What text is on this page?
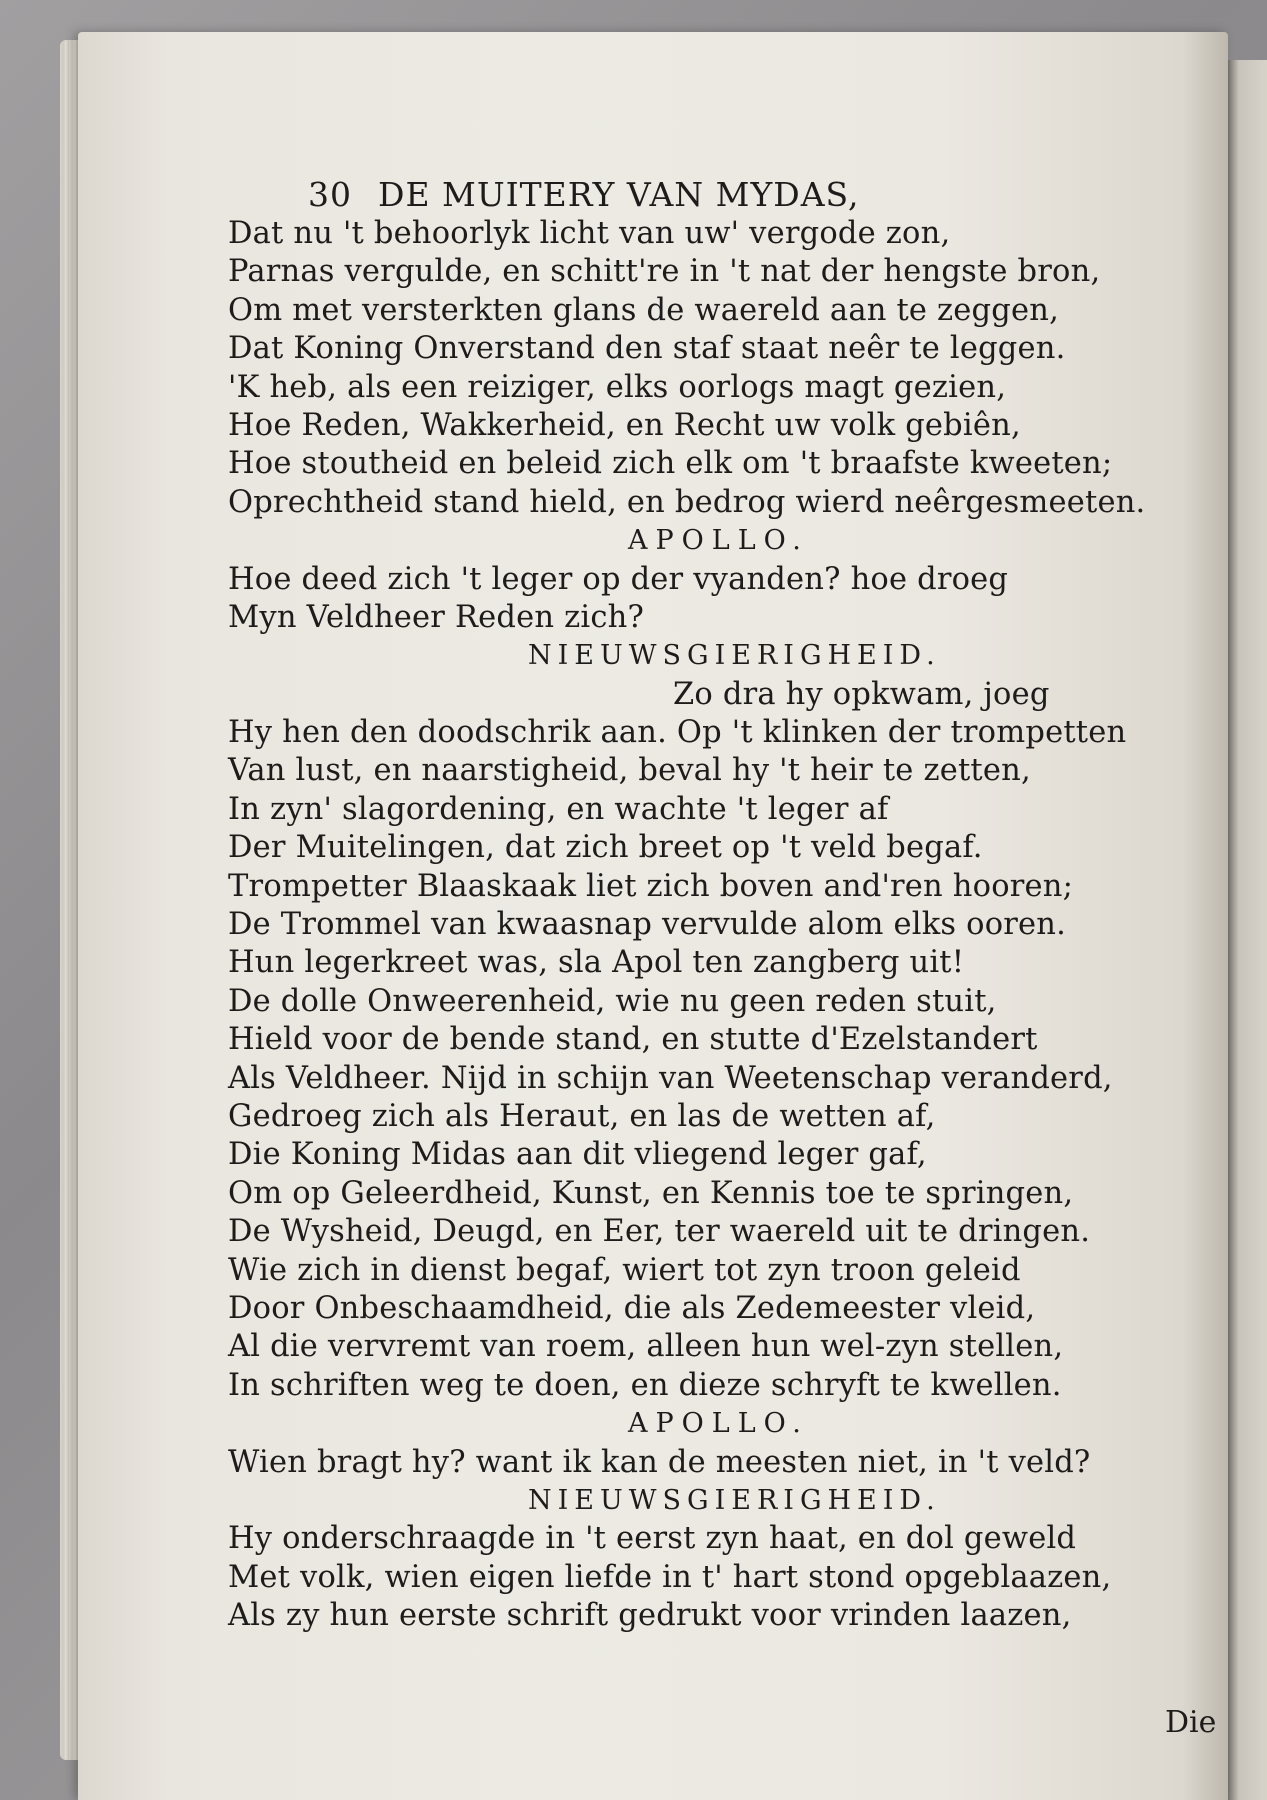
30 DE MUITERY VAN MYDAS,
Dat nu 't behoorlyk licht van uw' vergode zon,
Parnas vergulde, en schitt're in 't nat der hengste bron,
Om met versterkten glans de waereld aan te zeggen,
Dat Koning Onverstand den staf staat neêr te leggen.
'K heb, als een reiziger, elks oorlogs magt gezien,
Hoe Reden, Wakkerheid, en Recht uw volk gebiên,
Hoe stoutheid en beleid zich elk om 't braafste kweeten;
Oprechtheid stand hield, en bedrog wierd neêrgesmeeten.
APOLLO.
Hoe deed zich 't leger op der vyanden? hoe droeg
Myn Veldheer Reden zich?
NIEUWSGIERIGHEID.
Zo dra hy opkwam, joeg
Hy hen den doodschrik aan. Op 't klinken der trompetten
Van lust, en naarstigheid, beval hy 't heir te zetten,
In zyn' slagordening, en wachte 't leger af
Der Muitelingen, dat zich breet op 't veld begaf.
Trompetter Blaaskaak liet zich boven and'ren hooren;
De Trommel van kwaasnap vervulde alom elks ooren.
Hun legerkreet was, sla Apol ten zangberg uit!
De dolle Onweerenheid, wie nu geen reden stuit,
Hield voor de bende stand, en stutte d'Ezelstandert
Als Veldheer. Nijd in schijn van Weetenschap veranderd,
Gedroeg zich als Heraut, en las de wetten af,
Die Koning Midas aan dit vliegend leger gaf,
Om op Geleerdheid, Kunst, en Kennis toe te springen,
De Wysheid, Deugd, en Eer, ter waereld uit te dringen.
Wie zich in dienst begaf, wiert tot zyn troon geleid
Door Onbeschaamdheid, die als Zedemeester vleid,
Al die vervremt van roem, alleen hun wel-zyn stellen,
In schriften weg te doen, en dieze schryft te kwellen.
APOLLO.
Wien bragt hy? want ik kan de meesten niet, in 't veld?
NIEUWSGIERIGHEID.
Hy onderschraagde in 't eerst zyn haat, en dol geweld
Met volk, wien eigen liefde in t' hart stond opgeblaazen,
Als zy hun eerste schrift gedrukt voor vrinden laazen,
Die
